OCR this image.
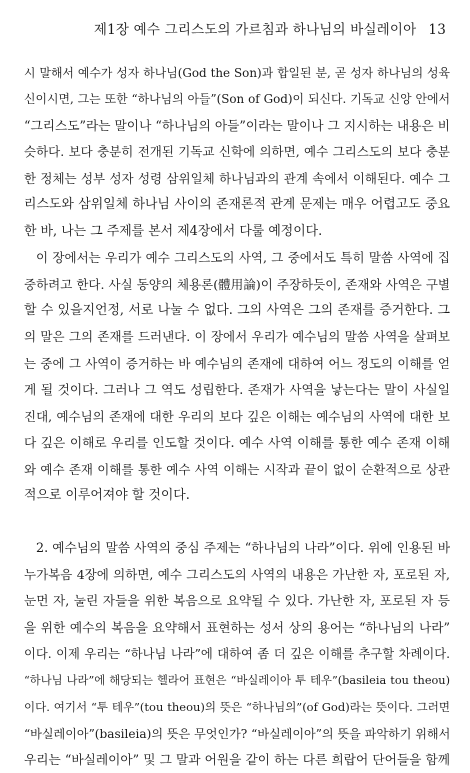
제1장 예수 그리스도의 가르침과 하나님의 바실레이아 13
시 말해서 예수가 성자 하나님(God the Son)과 합일된 분, 곧 성자 하나님의 성육
신이시면, 그는 또한 “하나님의 아들”(Son of God)이 되신다. 기독교 신앙 안에서
“그리스도”라는 말이나 “하나님의 아들”이라는 말이나 그 지시하는 내용은 비
슷하다. 보다 충분히 전개된 기독교 신학에 의하면, 예수 그리스도의 보다 충분
한 정체는 성부 성자 성령 삼위일체 하나님과의 관계 속에서 이해된다. 예수 그
리스도와 삼위일체 하나님 사이의 존재론적 관계 문제는 매우 어렵고도 중요
한 바, 나는 그 주제를 본서 제4장에서 다룰 예정이다.
이 장에서는 우리가 예수 그리스도의 사역, 그 중에서도 특히 말씀 사역에 집
중하려고 한다. 사실 동양의 체용론(體用論)이 주장하듯이, 존재와 사역은 구별
할 수 있을지언정, 서로 나눌 수 없다. 그의 사역은 그의 존재를 증거한다. 그
의 말은 그의 존재를 드러낸다. 이 장에서 우리가 예수님의 말씀 사역을 살펴보
는 중에 그 사역이 증거하는 바 예수님의 존재에 대하여 어느 정도의 이해를 얻
게 될 것이다. 그러나 그 역도 성립한다. 존재가 사역을 낳는다는 말이 사실일
진대, 예수님의 존재에 대한 우리의 보다 깊은 이해는 예수님의 사역에 대한 보
다 깊은 이해로 우리를 인도할 것이다. 예수 사역 이해를 통한 예수 존재 이해
와 예수 존재 이해를 통한 예수 사역 이해는 시작과 끝이 없이 순환적으로 상관
적으로 이루어져야 할 것이다.
2. 예수님의 말씀 사역의 중심 주제는 “하나님의 나라”이다. 위에 인용된 바
누가복음 4장에 의하면, 예수 그리스도의 사역의 내용은 가난한 자, 포로된 자,
눈먼 자, 눌린 자들을 위한 복음으로 요약될 수 있다. 가난한 자, 포로된 자 등
을 위한 예수의 복음을 요약해서 표현하는 성서 상의 용어는 “하나님의 나라”
이다. 이제 우리는 “하나님 나라”에 대하여 좀 더 깊은 이해를 추구할 차례이다.
“하나님 나라”에 해당되는 헬라어 표현은 “바실레이아 투 테우”(basileia tou theou)
이다. 여기서 “투 테우”(tou theou)의 뜻은 “하나님의”(of God)라는 뜻이다. 그러면
“바실레이아”(basileia)의 뜻은 무엇인가? “바실레이아”의 뜻을 파악하기 위해서
우리는 “바실레이아” 및 그 말과 어원을 같이 하는 다른 희랍어 단어들을 함께
